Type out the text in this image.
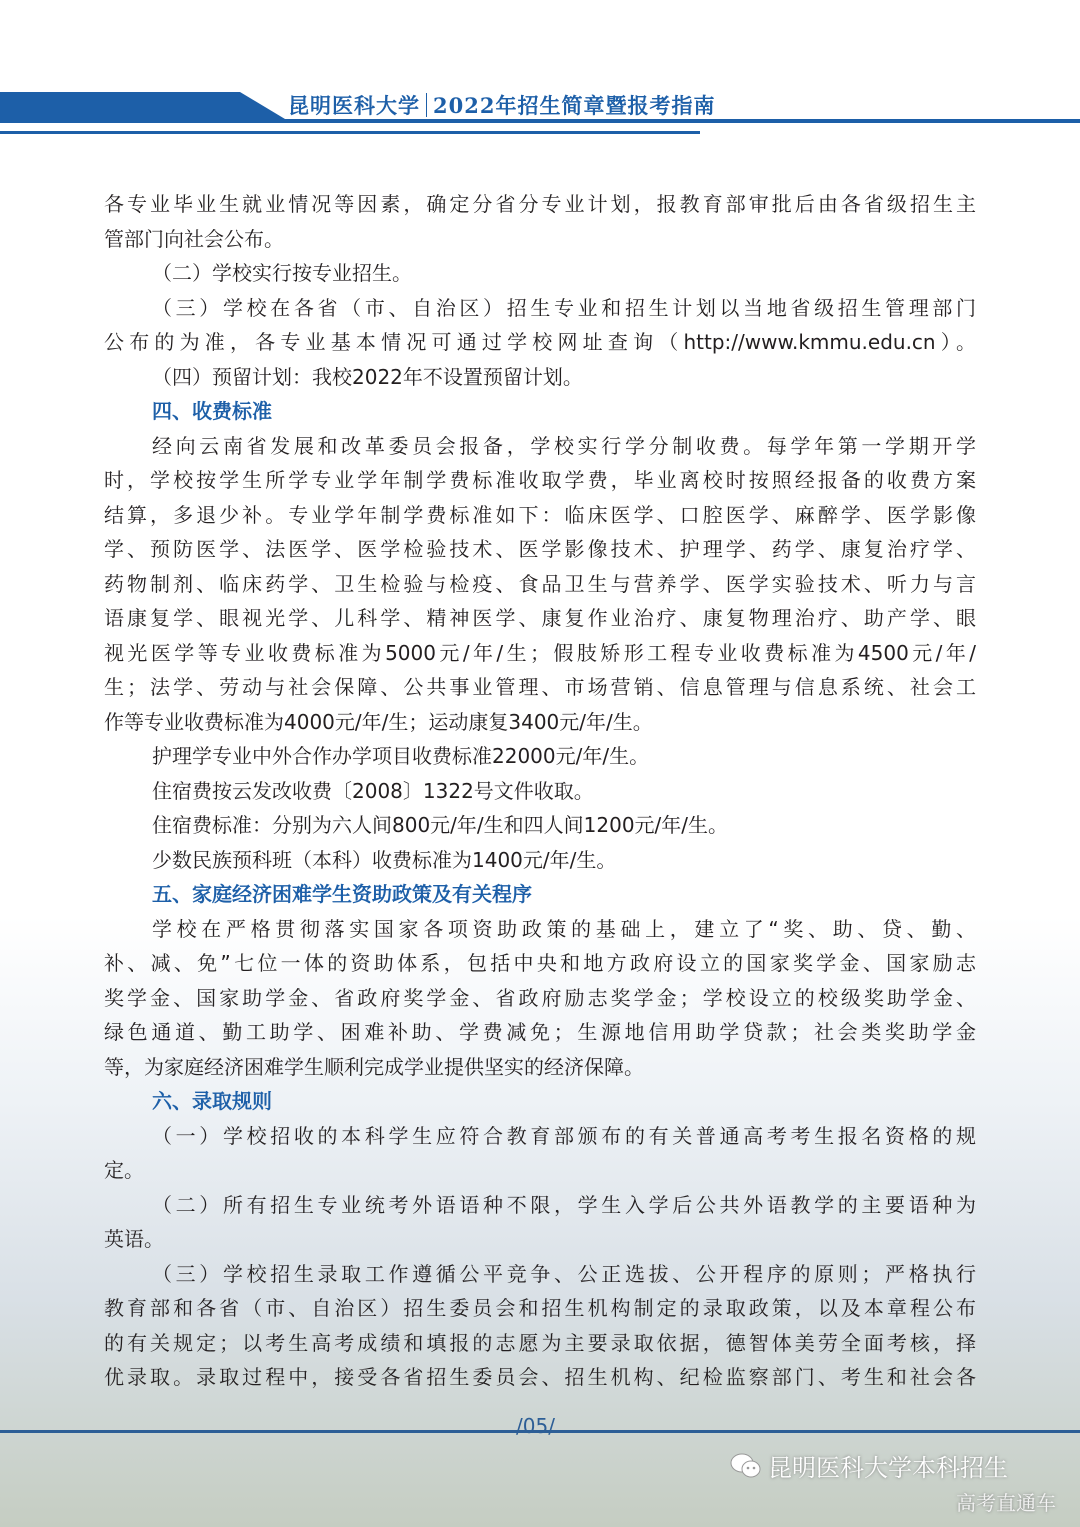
昆明医科大学 2022年招生简章暨报考指南
各专业毕业生就业情况等因素，确定分省分专业计划，报教育部审批后由各省级招生主
管部门向社会公布。
（二）学校实行按专业招生。
（三）学校在各省（市、自治区）招生专业和招生计划以当地省级招生管理部门
公布的为准，各专业基本情况可通过学校网址查询（http://www.kmmu.edu.cn）。
（四）预留计划：我校2022年不设置预留计划。
四、收费标准
经向云南省发展和改革委员会报备，学校实行学分制收费。每学年第一学期开学
时，学校按学生所学专业学年制学费标准收取学费，毕业离校时按照经报备的收费方案
结算，多退少补。专业学年制学费标准如下：临床医学、口腔医学、麻醉学、医学影像
学、预防医学、法医学、医学检验技术、医学影像技术、护理学、药学、康复治疗学、
药物制剂、临床药学、卫生检验与检疫、食品卫生与营养学、医学实验技术、听力与言
语康复学、眼视光学、儿科学、精神医学、康复作业治疗、康复物理治疗、助产学、眼
视光医学等专业收费标准为5000元/年/生；假肢矫形工程专业收费标准为4500元/年/
生；法学、劳动与社会保障、公共事业管理、市场营销、信息管理与信息系统、社会工
作等专业收费标准为4000元/年/生；运动康复3400元/年/生。
护理学专业中外合作办学项目收费标准22000元/年/生。
住宿费按云发改收费〔2008〕1322号文件收取。
住宿费标准：分别为六人间800元/年/生和四人间1200元/年/生。
少数民族预科班（本科）收费标准为1400元/年/生。
五、家庭经济困难学生资助政策及有关程序
学校在严格贯彻落实国家各项资助政策的基础上，建立了“奖、助、贷、勤、
补、减、免”七位一体的资助体系，包括中央和地方政府设立的国家奖学金、国家励志
奖学金、国家助学金、省政府奖学金、省政府励志奖学金；学校设立的校级奖助学金、
绿色通道、勤工助学、困难补助、学费减免；生源地信用助学贷款；社会类奖助学金
等，为家庭经济困难学生顺利完成学业提供坚实的经济保障。
六、录取规则
（一）学校招收的本科学生应符合教育部颁布的有关普通高考考生报名资格的规
定。
（二）所有招生专业统考外语语种不限，学生入学后公共外语教学的主要语种为
英语。
（三）学校招生录取工作遵循公平竞争、公正选拔、公开程序的原则；严格执行
教育部和各省（市、自治区）招生委员会和招生机构制定的录取政策，以及本章程公布
的有关规定；以考生高考成绩和填报的志愿为主要录取依据，德智体美劳全面考核，择
优录取。录取过程中，接受各省招生委员会、招生机构、纪检监察部门、考生和社会各
/05/
昆明医科大学本科招生
高考直通车
